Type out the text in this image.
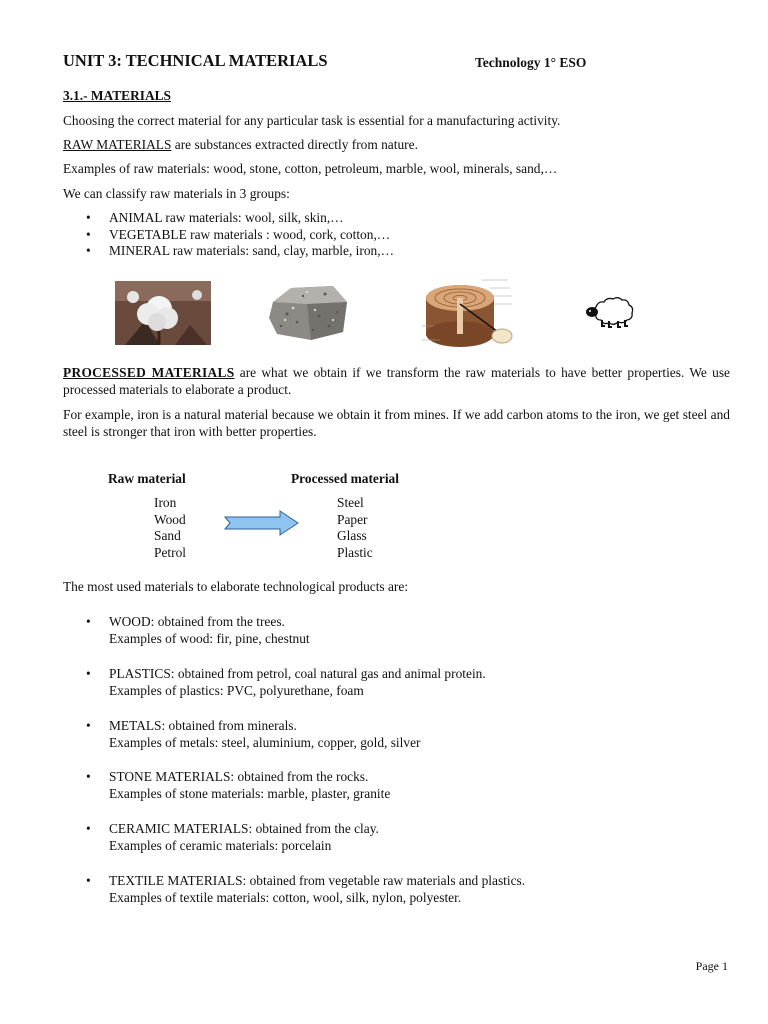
UNIT 3: TECHNICAL MATERIALS	Technology 1° ESO
3.1.- MATERIALS
Choosing the correct material for any particular task is essential for a manufacturing activity.
RAW MATERIALS are substances extracted directly from nature.
Examples of raw materials: wood, stone, cotton, petroleum, marble, wool, minerals, sand,…
We can classify raw materials in 3 groups:
• ANIMAL raw materials: wool, silk, skin,…
• VEGETABLE raw materials : wood, cork, cotton,…
• MINERAL raw materials: sand, clay, marble, iron,…
PROCESSED MATERIALS are what we obtain if we transform the raw materials to have better properties. We use processed materials to elaborate a product.
For example, iron is a natural material because we obtain it from mines. If we add carbon atoms to the iron, we get steel and steel is stronger that iron with better properties.
Raw material	Processed material
Iron
Wood
Sand
Petrol
Steel
Paper
Glass
Plastic
The most used materials to elaborate technological products are:
• WOOD: obtained from the trees.
Examples of wood: fir, pine, chestnut
• PLASTICS: obtained from petrol, coal natural gas and animal protein.
Examples of plastics: PVC, polyurethane, foam
• METALS: obtained from minerals.
Examples of metals: steel, aluminium, copper, gold, silver
• STONE MATERIALS: obtained from the rocks.
Examples of stone materials: marble, plaster, granite
• CERAMIC MATERIALS: obtained from the clay.
Examples of ceramic materials: porcelain
• TEXTILE MATERIALS: obtained from vegetable raw materials and plastics.
Examples of textile materials: cotton, wool, silk, nylon, polyester.
Page 1
